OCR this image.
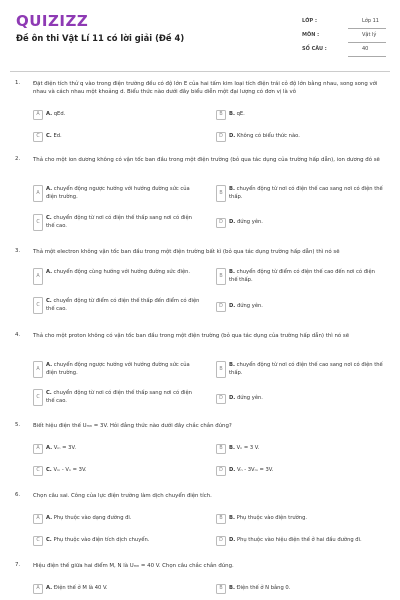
QUIZIZZ
Đề ôn thi Vật Lí 11 có lời giải (Đề 4)
LỚP :	Lớp 11
MÔN :	Vật lý
SỐ CÂU :	40
1. Đặt điện tích thử q vào trong điện trường đều có độ lớn E của hai tấm kim loại tích điện trái cỏ độ lớn bằng nhau, song song với nhau và cách nhau một khoảng d. Biểu thức nào dưới đây biểu diễn một đại lượng có đơn vị là vô
A	A. qEd.	B	B. qE.
C	C. Ed.	D	D. Không có biểu thức nào.
2. Thả cho một ion dương không có vận tốc ban đầu trong một điện trường (bỏ qua tác dụng của trường hấp dẫn), ion dương đó sẽ
A
A. chuyển động ngược hướng với hướng đường sức của điện trường.
B
B. chuyển động từ nơi có điện thế cao sang nơi có điện thế thấp.
C
C. chuyển động từ nơi có điện thế thấp sang nơi có điện thế cao.
D	D. đứng yên.
3. Thả một electron không vận tốc ban đầu trong một điện trường bất kì (bỏ qua tác dụng trường hấp dẫn) thì nó sẽ
A
A. chuyển động cùng hướng với hướng đường sức điện.
B
B. chuyển động từ điểm có điện thế cao đến nơi có điện thế thấp.
C
C. chuyển động từ điểm có điện thế thấp đến điểm có điện thế cao.	D	D. đứng yên.
4. Thả cho một proton không có vận tốc ban đầu trong một điện trường (bỏ qua tác dụng của trường hấp dẫn) thì nó sẽ
A
A. chuyển động ngược hướng với hướng đường sức của điện trường.
B
B. chuyển động từ nơi có điện thế cao sang nơi có điện thế thấp.
C
C. chuyển động từ nơi có điện thế thấp sang nơi có điện thế cao.	D	D. đứng yên.
5. Biết hiệu điện thế Uₘₙ = 3V. Hỏi đẳng thức nào dưới đây chắc chắn đúng?
A	A. Vₘ = 3V.	B	B. Vₙ = 3 V.
C	C. Vₘ - Vₙ = 3V.	D	D. Vₙ - 3Vₘ = 3V.
6. Chọn câu sai. Công của lực điện trường làm dịch chuyển điện tích.
A	A. Phụ thuộc vào dạng đường đi.	B	B. Phụ thuộc vào điện trường.
C	C. Phụ thuộc vào điện tích dịch chuyển.	D	D. Phụ thuộc vào hiệu điện thế ở hai đầu đường đi.
7. Hiệu điện thế giữa hai điểm M, N là Uₘₙ = 40 V. Chọn câu chắc chắn đúng.
A	A. Điện thế ở M là 40 V.	B	B. Điện thế ở N bằng 0.
